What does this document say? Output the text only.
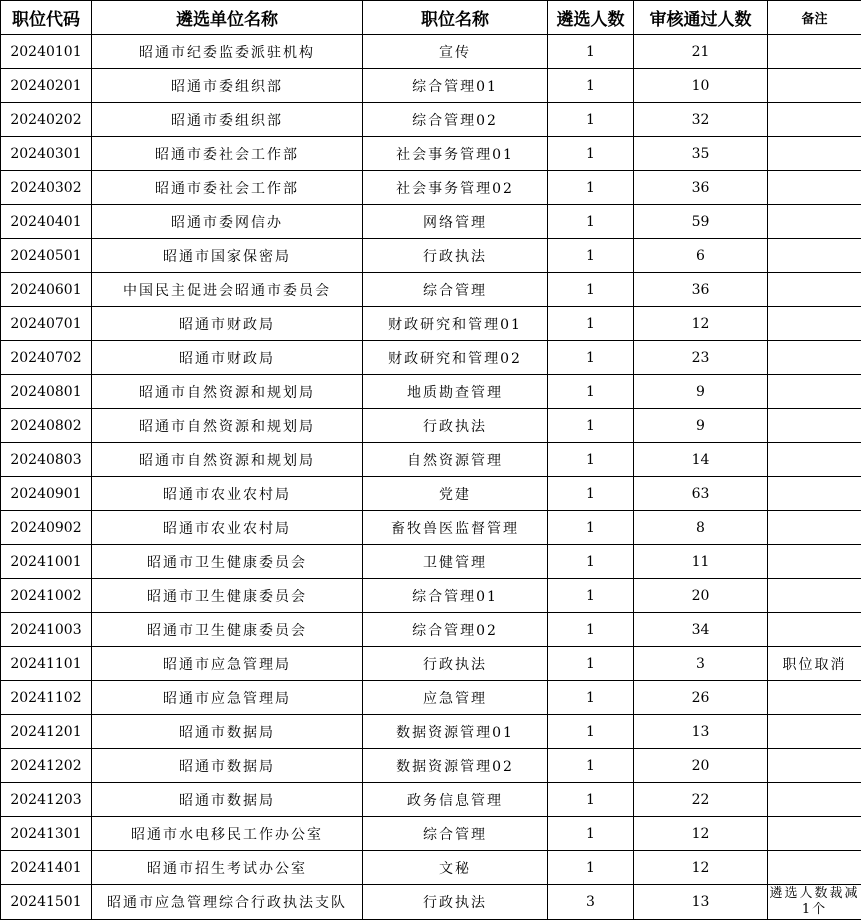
职位代码	遴选单位名称	职位名称	遴选人数	审核通过人数	备注
20240101	昭通市纪委监委派驻机构	宣传	1	21	
20240201	昭通市委组织部	综合管理01	1	10	
20240202	昭通市委组织部	综合管理02	1	32	
20240301	昭通市委社会工作部	社会事务管理01	1	35	
20240302	昭通市委社会工作部	社会事务管理02	1	36	
20240401	昭通市委网信办	网络管理	1	59	
20240501	昭通市国家保密局	行政执法	1	6	
20240601	中国民主促进会昭通市委员会	综合管理	1	36	
20240701	昭通市财政局	财政研究和管理01	1	12	
20240702	昭通市财政局	财政研究和管理02	1	23	
20240801	昭通市自然资源和规划局	地质勘查管理	1	9	
20240802	昭通市自然资源和规划局	行政执法	1	9	
20240803	昭通市自然资源和规划局	自然资源管理	1	14	
20240901	昭通市农业农村局	党建	1	63	
20240902	昭通市农业农村局	畜牧兽医监督管理	1	8	
20241001	昭通市卫生健康委员会	卫健管理	1	11	
20241002	昭通市卫生健康委员会	综合管理01	1	20	
20241003	昭通市卫生健康委员会	综合管理02	1	34	
20241101	昭通市应急管理局	行政执法	1	3	职位取消
20241102	昭通市应急管理局	应急管理	1	26	
20241201	昭通市数据局	数据资源管理01	1	13	
20241202	昭通市数据局	数据资源管理02	1	20	
20241203	昭通市数据局	政务信息管理	1	22	
20241301	昭通市水电移民工作办公室	综合管理	1	12	
20241401	昭通市招生考试办公室	文秘	1	12	
20241501	昭通市应急管理综合行政执法支队	行政执法	3	13	遴选人数裁减1个
